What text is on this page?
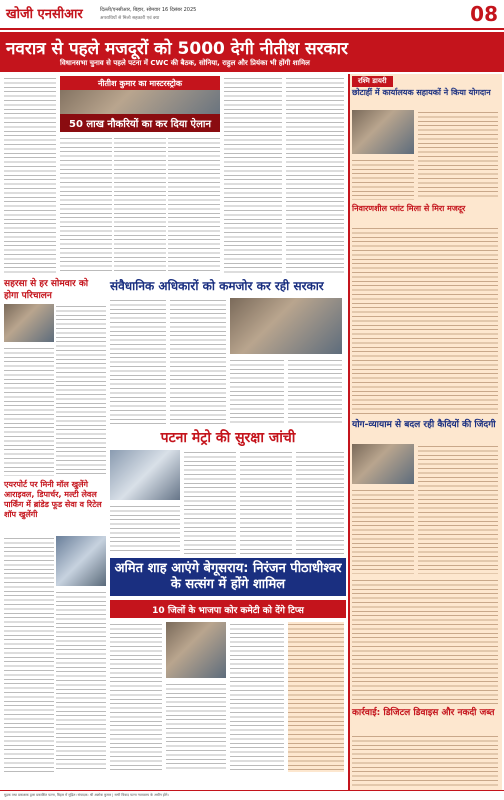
खोजी एनसीआर	दिल्ली/एनसीआर, बिहार, सोमवार 16 दिसंबर 2025
अपराधियों से मिलो सहकारी एवं क्या	08
नवरात्र से पहले मजदूरों को 5000 देगी नीतीश सरकार
विधानसभा चुनाव से पहले पटना में CWC की बैठक, सोनिया, राहुल और प्रियंका भी होंगी शामिल
नीतीश कुमार का मास्टरस्ट्रोक
50 लाख नौकरियों का कर दिया ऐलान
सहरसा से हर सोमवार को होगा परिचालन
एयरपोर्ट पर मिनी मॉल खुलेंगे आराइवल, डिपार्चर, मल्टी लेवल पार्किंग में ब्रांडेड फूड सेवा व रिटेल शॉप खुलेंगी
संवैधानिक अधिकारों को कमजोर कर रही सरकार
पटना मेट्रो की सुरक्षा जांची
अमित शाह आएंगे बेगूसराय: निरंजन पीठाधीश्वर के सत्संग में होंगे शामिल
10 जिलों के भाजपा कोर कमेटी को देंगे टिप्स
रश्मि डायरी
छोटाहीं में कार्यालयक सहायकों ने किया योगदान
निवारणशील प्लांट मिला से मिरा मजदूर
योग-व्यायाम से बदल रही कैदियों की जिंदगी
कार्रवाई: डिजिटल डिवाइस और नकदी जब्त
मुद्रक तथा प्रकाशक द्वारा प्रकाशित पटना, बिहार में मुद्रित। संपादक: श्री अशोक कुमार | सभी विवाद पटना न्यायालय के अधीन होंगे।
